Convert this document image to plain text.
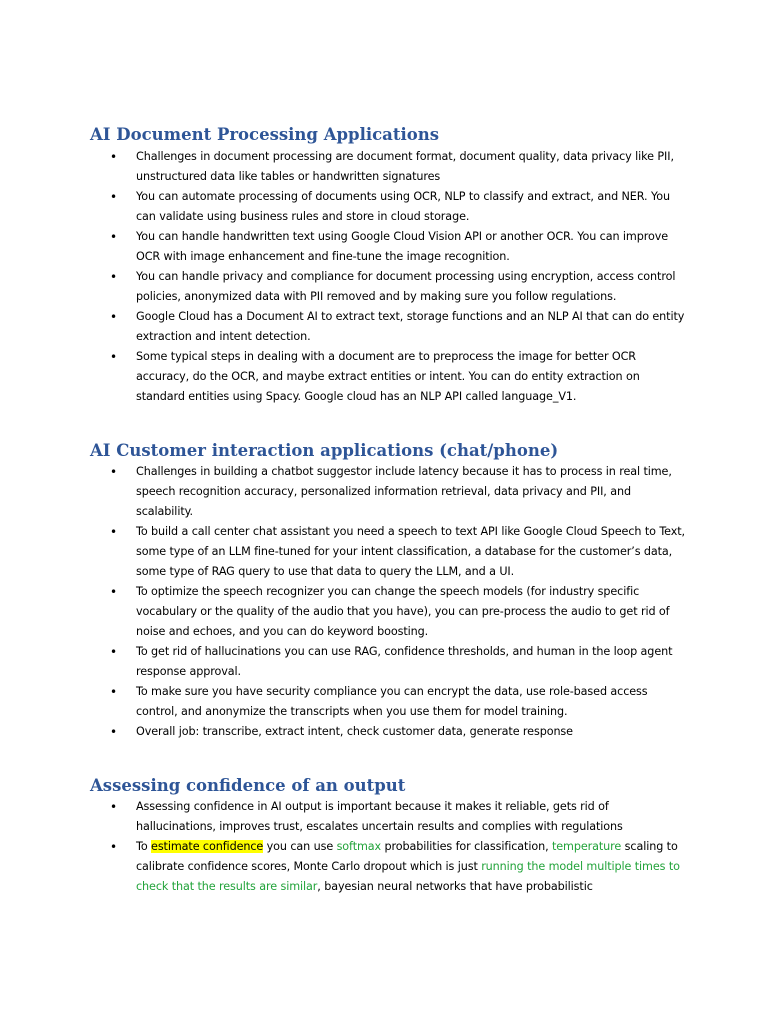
AI Document Processing Applications
• Challenges in document processing are document format, document quality, data privacy like PII, unstructured data like tables or handwritten signatures
• You can automate processing of documents using OCR, NLP to classify and extract, and NER. You can validate using business rules and store in cloud storage.
• You can handle handwritten text using Google Cloud Vision API or another OCR. You can improve OCR with image enhancement and fine-tune the image recognition.
• You can handle privacy and compliance for document processing using encryption, access control policies, anonymized data with PII removed and by making sure you follow regulations.
• Google Cloud has a Document AI to extract text, storage functions and an NLP AI that can do entity extraction and intent detection.
• Some typical steps in dealing with a document are to preprocess the image for better OCR accuracy, do the OCR, and maybe extract entities or intent. You can do entity extraction on standard entities using Spacy. Google cloud has an NLP API called language_V1.
AI Customer interaction applications (chat/phone)
• Challenges in building a chatbot suggestor include latency because it has to process in real time, speech recognition accuracy, personalized information retrieval, data privacy and PII, and scalability.
• To build a call center chat assistant you need a speech to text API like Google Cloud Speech to Text, some type of an LLM fine-tuned for your intent classification, a database for the customer’s data, some type of RAG query to use that data to query the LLM, and a UI.
• To optimize the speech recognizer you can change the speech models (for industry specific vocabulary or the quality of the audio that you have), you can pre-process the audio to get rid of noise and echoes, and you can do keyword boosting.
• To get rid of hallucinations you can use RAG, confidence thresholds, and human in the loop agent response approval.
• To make sure you have security compliance you can encrypt the data, use role-based access control, and anonymize the transcripts when you use them for model training.
• Overall job: transcribe, extract intent, check customer data, generate response
Assessing confidence of an output
• Assessing confidence in AI output is important because it makes it reliable, gets rid of hallucinations, improves trust, escalates uncertain results and complies with regulations
• To estimate confidence you can use softmax probabilities for classification, temperature scaling to calibrate confidence scores, Monte Carlo dropout which is just running the model multiple times to check that the results are similar, bayesian neural networks that have probabilistic
